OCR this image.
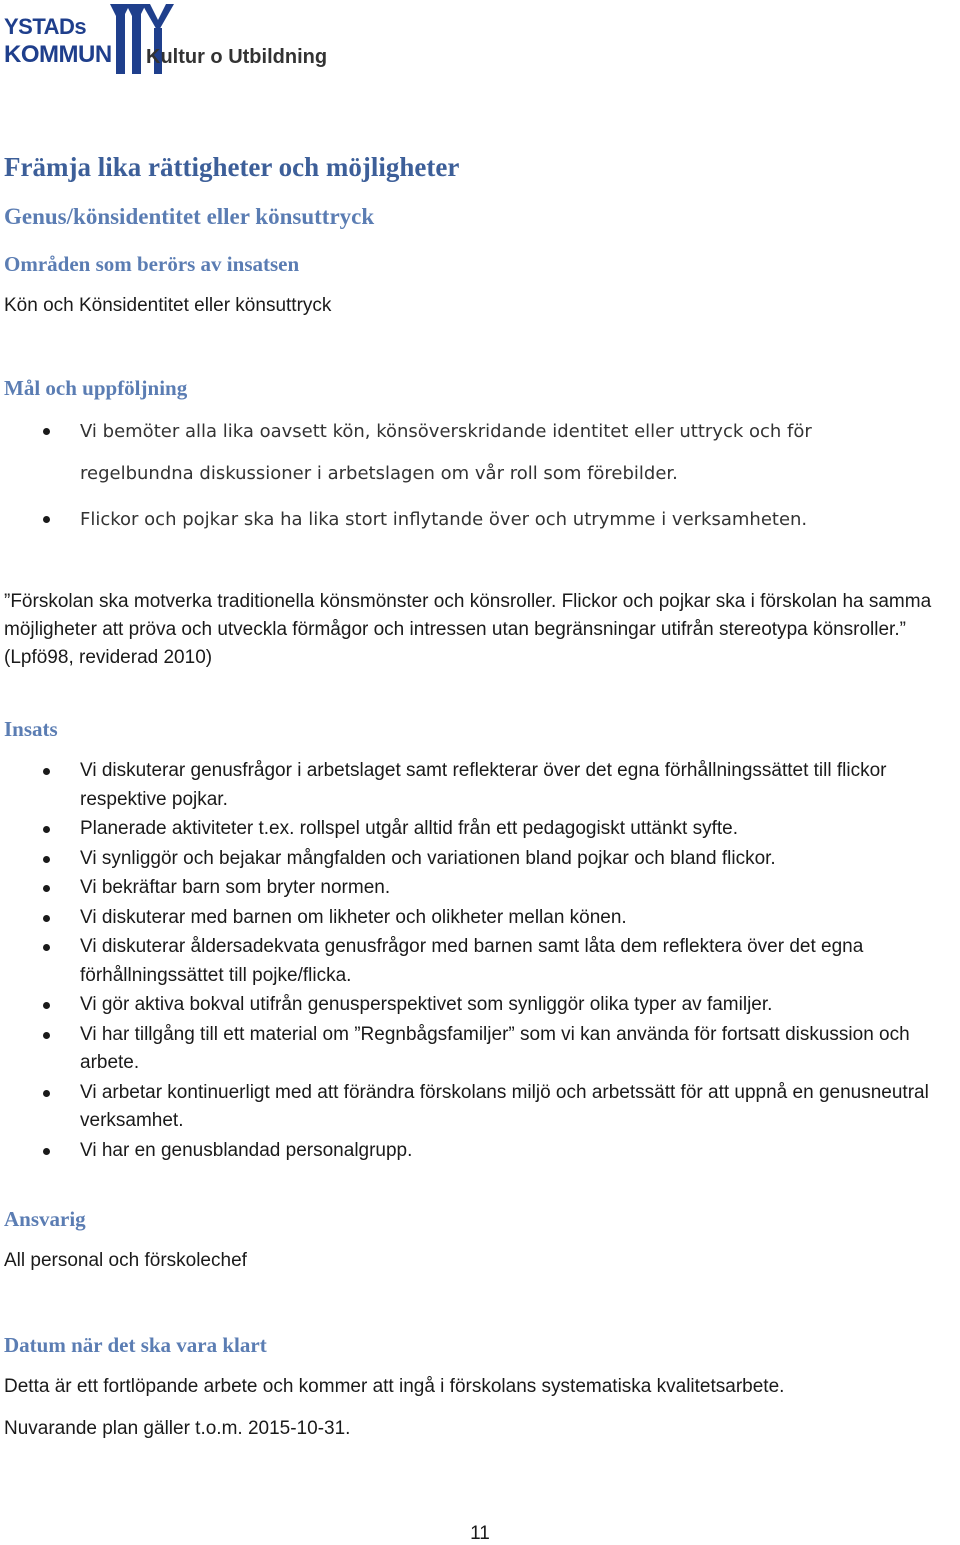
YSTADs
KOMMUN Kultur o Utbildning
Främja lika rättigheter och möjligheter
Genus/könsidentitet eller könsuttryck
Områden som berörs av insatsen

Kön och Könsidentitet eller könsuttryck

Mål och uppföljning
Vi bemöter alla lika oavsett kön, könsöverskridande identitet eller uttryck och för regelbundna diskussioner i arbetslagen om vår roll som förebilder.
Flickor och pojkar ska ha lika stort inflytande över och utrymme i verksamheten.

”Förskolan ska motverka traditionella könsmönster och könsroller. Flickor och pojkar ska i förskolan ha samma möjligheter att pröva och utveckla förmågor och intressen utan begränsningar utifrån stereotypa könsroller.” (Lpfö98, reviderad 2010)

Insats
Vi diskuterar genusfrågor i arbetslaget samt reflekterar över det egna förhållningssättet till flickor respektive pojkar.
Planerade aktiviteter t.ex. rollspel utgår alltid från ett pedagogiskt uttänkt syfte.
Vi synliggör och bejakar mångfalden och variationen bland pojkar och bland flickor.
Vi bekräftar barn som bryter normen.
Vi diskuterar med barnen om likheter och olikheter mellan könen.
Vi diskuterar åldersadekvata genusfrågor med barnen samt låta dem reflektera över det egna förhållningssättet till pojke/flicka.
Vi gör aktiva bokval utifrån genusperspektivet som synliggör olika typer av familjer.
Vi har tillgång till ett material om ”Regnbågsfamiljer” som vi kan använda för fortsatt diskussion och arbete.
Vi arbetar kontinuerligt med att förändra förskolans miljö och arbetssätt för att uppnå en genusneutral verksamhet.
Vi har en genusblandad personalgrupp.
Ansvarig

All personal och förskolechef

Datum när det ska vara klart

Detta är ett fortlöpande arbete och kommer att ingå i förskolans systematiska kvalitetsarbete.

Nuvarande plan gäller t.o.m. 2015-10-31.

11
